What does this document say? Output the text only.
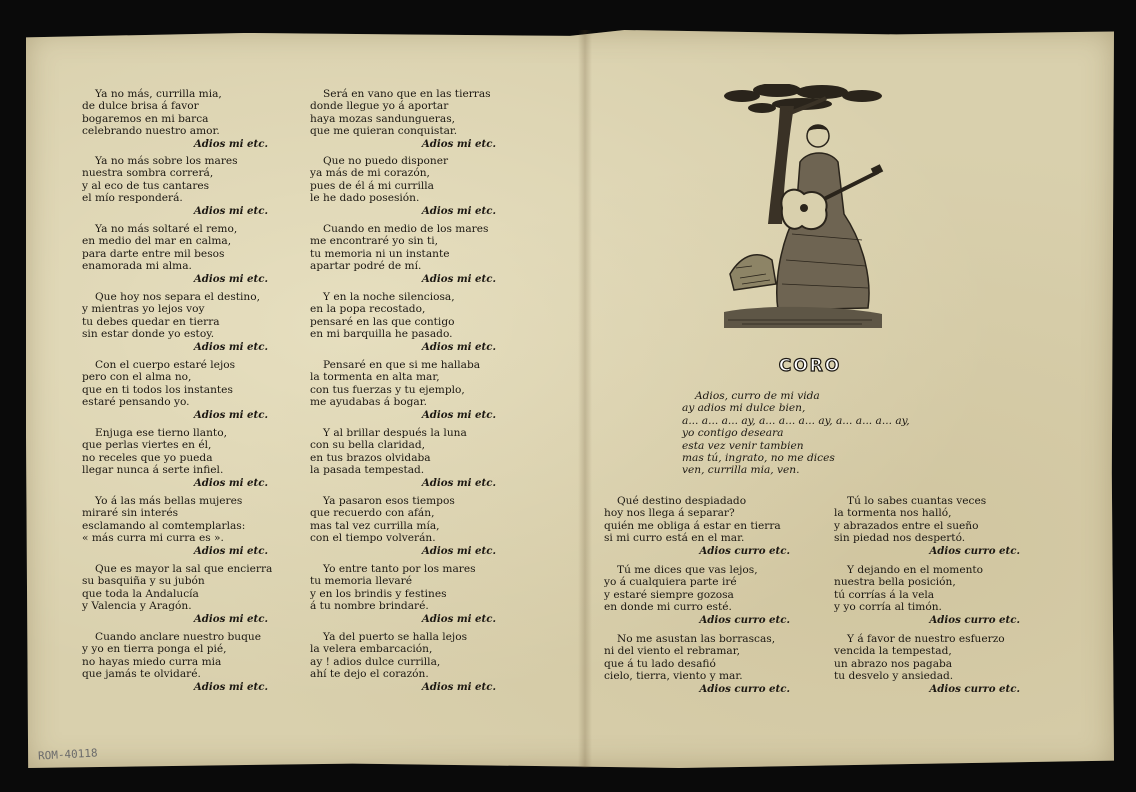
Ya no más, currilla mia,
de dulce brisa á favor
bogaremos en mi barca
celebrando nuestro amor.
Adios mi etc.
Ya no más sobre los mares
nuestra sombra correrá,
y al eco de tus cantares
el mío responderá.
Adios mi etc.
Ya no más soltaré el remo,
en medio del mar en calma,
para darte entre mil besos
enamorada mi alma.
Adios mi etc.
Que hoy nos separa el destino,
y mientras yo lejos voy
tu debes quedar en tierra
sin estar donde yo estoy.
Adios mi etc.
Con el cuerpo estaré lejos
pero con el alma no,
que en ti todos los instantes
estaré pensando yo.
Adios mi etc.
Enjuga ese tierno llanto,
que perlas viertes en él,
no receles que yo pueda
llegar nunca á serte infiel.
Adios mi etc.
Yo á las más bellas mujeres
miraré sin interés
esclamando al comtemplarlas:
« más curra mi curra es ».
Adios mi etc.
Que es mayor la sal que encierra
su basquiña y su jubón
que toda la Andalucía
y Valencia y Aragón.
Adios mi etc.
Cuando anclare nuestro buque
y yo en tierra ponga el pié,
no hayas miedo curra mia
que jamás te olvidaré.
Adios mi etc.
Será en vano que en las tierras
donde llegue yo á aportar
haya mozas sandungueras,
que me quieran conquistar.
Adios mi etc.
Que no puedo disponer
ya más de mi corazón,
pues de él á mi currilla
le he dado posesión.
Adios mi etc.
Cuando en medio de los mares
me encontraré yo sin ti,
tu memoria ni un instante
apartar podré de mí.
Adios mi etc.
Y en la noche silenciosa,
en la popa recostado,
pensaré en las que contigo
en mi barquilla he pasado.
Adios mi etc.
Pensaré en que si me hallaba
la tormenta en alta mar,
con tus fuerzas y tu ejemplo,
me ayudabas á bogar.
Adios mi etc.
Y al brillar después la luna
con su bella claridad,
en tus brazos olvidaba
la pasada tempestad.
Adios mi etc.
Ya pasaron esos tiempos
que recuerdo con afán,
mas tal vez currilla mía,
con el tiempo volverán.
Adios mi etc.
Yo entre tanto por los mares
tu memoria llevaré
y en los brindis y festines
á tu nombre brindaré.
Adios mi etc.
Ya del puerto se halla lejos
la velera embarcación,
ay ! adios dulce currilla,
ahí te dejo el corazón.
Adios mi etc.
CORO
Adios, curro de mi vida
ay adios mi dulce bien,
a... a... a... ay, a... a... a... ay, a... a... a... ay,
yo contigo deseara
esta vez venir tambien
mas tú, ingrato, no me dices
ven, currilla mia, ven.
Qué destino despiadado
hoy nos llega á separar?
quién me obliga á estar en tierra
si mi curro está en el mar.
Adios curro etc.
Tú me dices que vas lejos,
yo á cualquiera parte iré
y estaré siempre gozosa
en donde mi curro esté.
Adios curro etc.
No me asustan las borrascas,
ni del viento el rebramar,
que á tu lado desafió
cielo, tierra, viento y mar.
Adios curro etc.
Tú lo sabes cuantas veces
la tormenta nos halló,
y abrazados entre el sueño
sin piedad nos despertó.
Adios curro etc.
Y dejando en el momento
nuestra bella posición,
tú corrías á la vela
y yo corría al timón.
Adios curro etc.
Y á favor de nuestro esfuerzo
vencida la tempestad,
un abrazo nos pagaba
tu desvelo y ansiedad.
Adios curro etc.
ROM-40118
